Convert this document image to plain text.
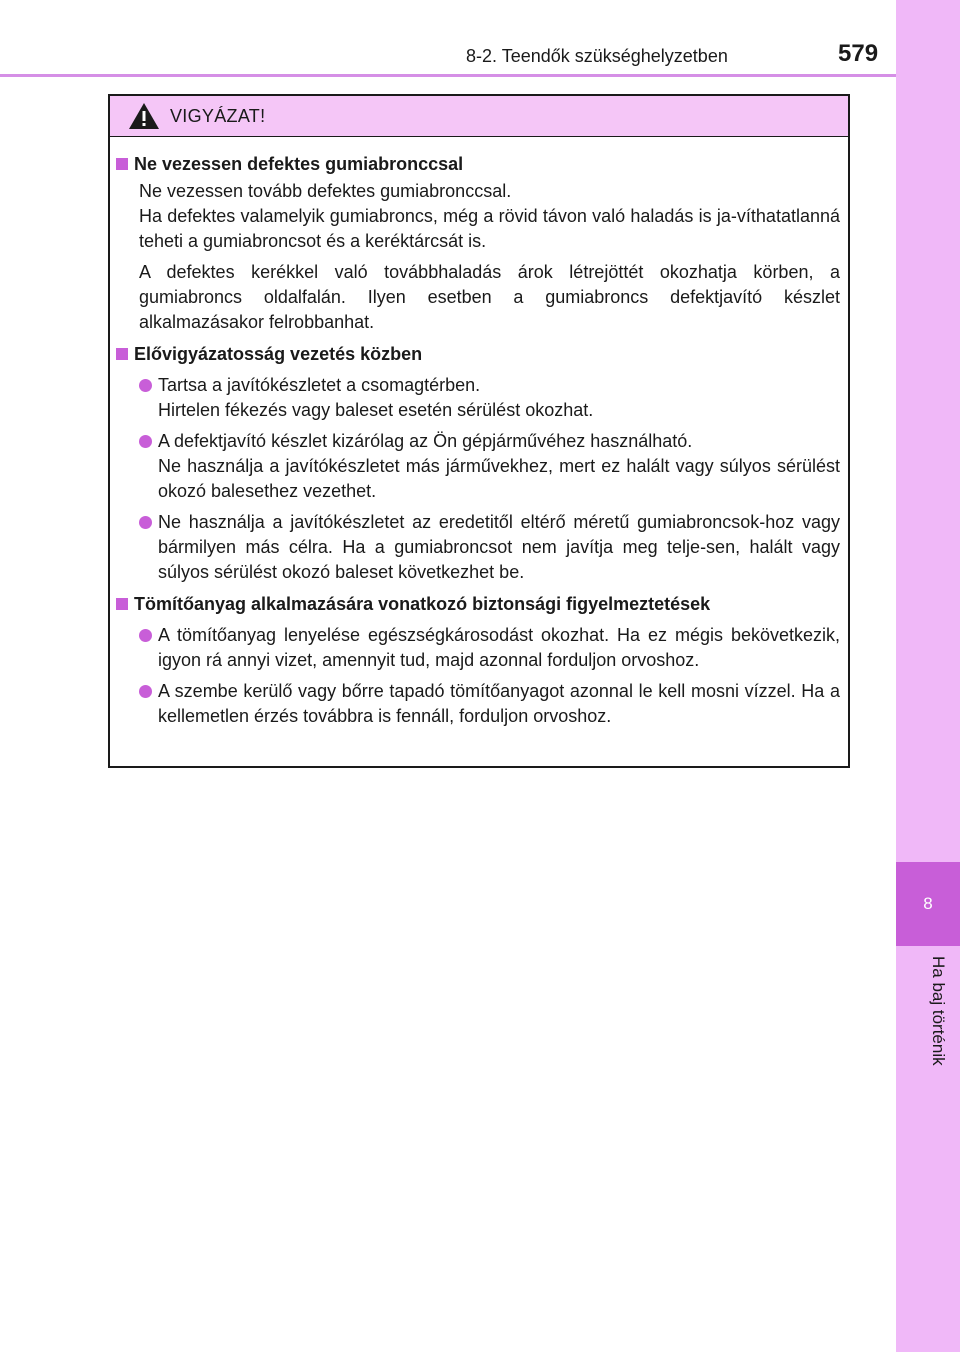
8-2. Teendők szükséghelyzetben	579
8
Ha baj történik
VIGYÁZAT!
Ne vezessen defektes gumiabronccsal

Ne vezessen tovább defektes gumiabronccsal.

Ha defektes valamelyik gumiabroncs, még a rövid távon való haladás is ja-víthatatlanná teheti a gumiabroncsot és a keréktárcsát is.

A defektes kerékkel való továbbhaladás árok létrejöttét okozhatja körben, a gumiabroncs oldalfalán. Ilyen esetben a gumiabroncs defektjavító készlet alkalmazásakor felrobbanhat.

Elővigyázatosság vezetés közben
Tartsa a javítókészletet a csomagtérben.
Hirtelen fékezés vagy baleset esetén sérülést okozhat.
A defektjavító készlet kizárólag az Ön gépjárművéhez használható.
Ne használja a javítókészletet más járművekhez, mert ez halált vagy súlyos sérülést okozó balesethez vezethet.
Ne használja a javítókészletet az eredetitől eltérő méretű gumiabroncsok-hoz vagy bármilyen más célra. Ha a gumiabroncsot nem javítja meg telje-sen, halált vagy súlyos sérülést okozó baleset következhet be.
Tömítőanyag alkalmazására vonatkozó biztonsági figyelmeztetések
A tömítőanyag lenyelése egészségkárosodást okozhat. Ha ez mégis bekövetkezik, igyon rá annyi vizet, amennyit tud, majd azonnal forduljon orvoshoz.
A szembe kerülő vagy bőrre tapadó tömítőanyagot azonnal le kell mosni vízzel. Ha a kellemetlen érzés továbbra is fennáll, forduljon orvoshoz.
